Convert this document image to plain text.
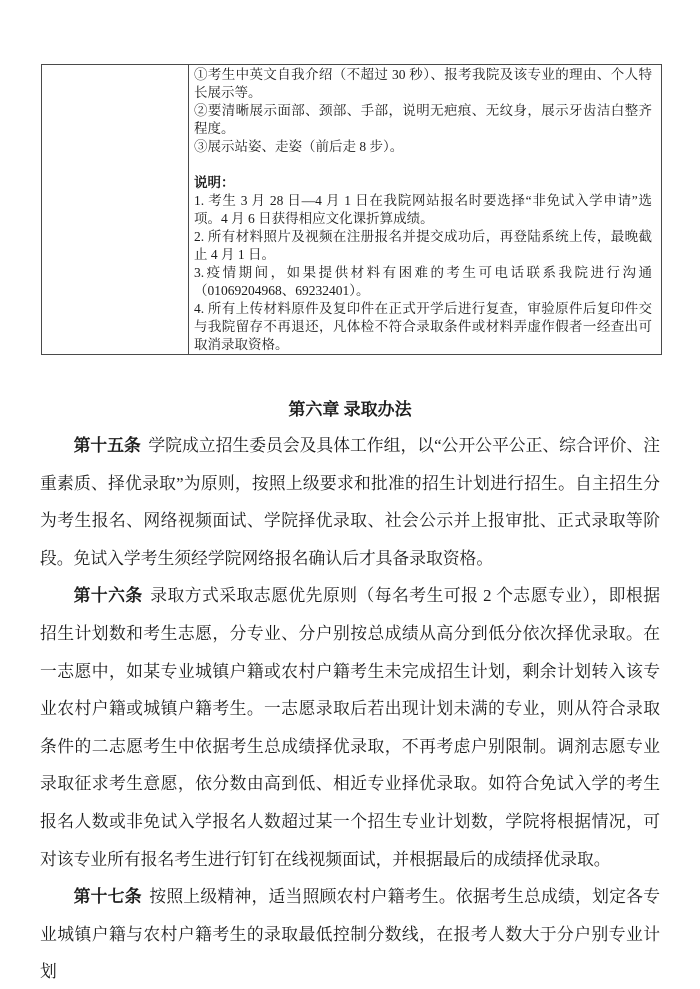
①考生中英文自我介绍（不超过 30 秒）、报考我院及该专业的理由、个人特长展示等。
②要清晰展示面部、颈部、手部，说明无疤痕、无纹身，展示牙齿洁白整齐程度。
③展示站姿、走姿（前后走 8 步）。
说明：
1. 考生 3 月 28 日—4 月 1 日在我院网站报名时要选择“非免试入学申请”选项。4 月 6 日获得相应文化课折算成绩。
2. 所有材料照片及视频在注册报名并提交成功后，再登陆系统上传，最晚截止 4 月 1 日。
3.疫情期间，如果提供材料有困难的考生可电话联系我院进行沟通（01069204968、69232401）。
4. 所有上传材料原件及复印件在正式开学后进行复查，审验原件后复印件交与我院留存不再退还，凡体检不符合录取条件或材料弄虚作假者一经查出可取消录取资格。
第六章 录取办法

第十五条 学院成立招生委员会及具体工作组，以“公开公平公正、综合评价、注重素质、择优录取”为原则，按照上级要求和批准的招生计划进行招生。自主招生分为考生报名、网络视频面试、学院择优录取、社会公示并上报审批、正式录取等阶段。免试入学考生须经学院网络报名确认后才具备录取资格。

第十六条 录取方式采取志愿优先原则（每名考生可报 2 个志愿专业），即根据招生计划数和考生志愿，分专业、分户别按总成绩从高分到低分依次择优录取。在一志愿中，如某专业城镇户籍或农村户籍考生未完成招生计划，剩余计划转入该专业农村户籍或城镇户籍考生。一志愿录取后若出现计划未满的专业，则从符合录取条件的二志愿考生中依据考生总成绩择优录取，不再考虑户别限制。调剂志愿专业录取征求考生意愿，依分数由高到低、相近专业择优录取。如符合免试入学的考生报名人数或非免试入学报名人数超过某一个招生专业计划数，学院将根据情况，可对该专业所有报名考生进行钉钉在线视频面试，并根据最后的成绩择优录取。

第十七条 按照上级精神，适当照顾农村户籍考生。依据考生总成绩，划定各专业城镇户籍与农村户籍考生的录取最低控制分数线，在报考人数大于分户别专业计划
